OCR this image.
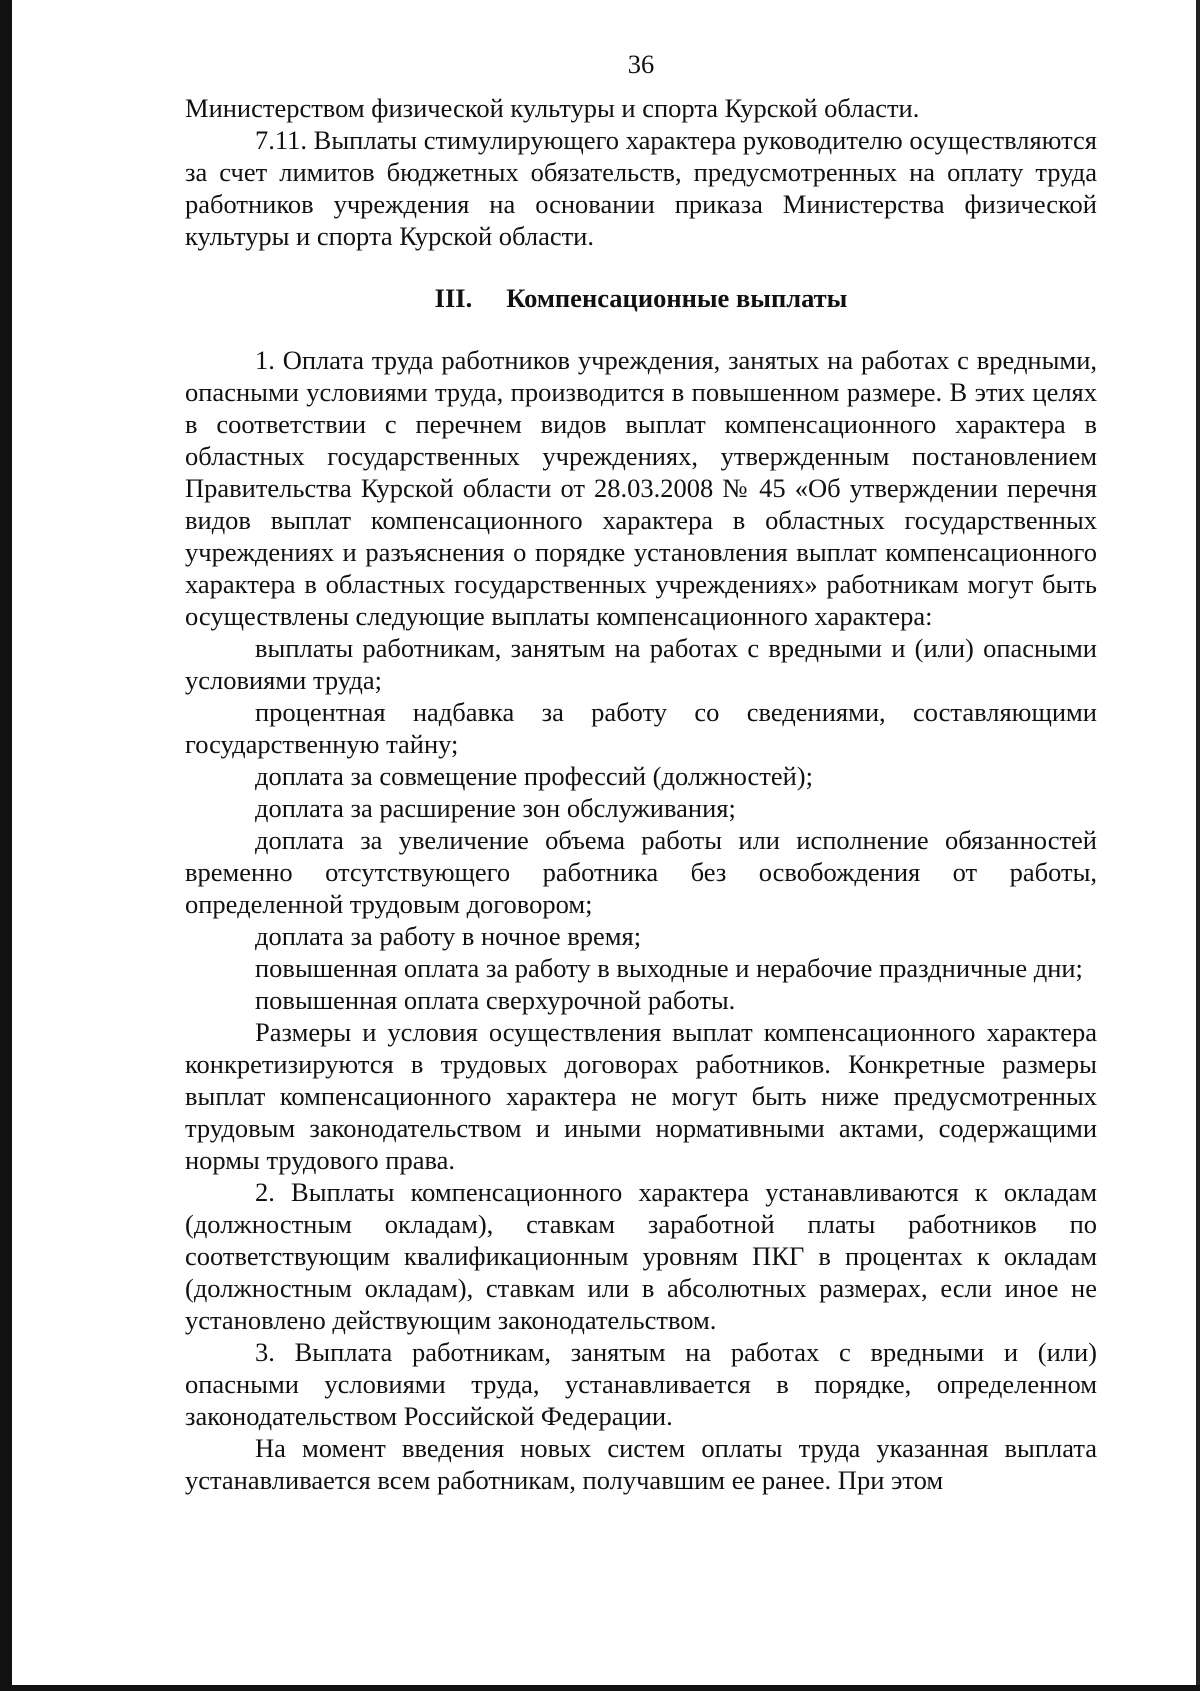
36

Министерством физической культуры и спорта Курской области.

7.11. Выплаты стимулирующего характера руководителю осуществляются за счет лимитов бюджетных обязательств, предусмотренных на оплату труда работников учреждения на основании приказа Министерства физической культуры и спорта Курской области.

III. Компенсационные выплаты

1. Оплата труда работников учреждения, занятых на работах с вредными, опасными условиями труда, производится в повышенном размере. В этих целях в соответствии с перечнем видов выплат компенсационного характера в областных государственных учреждениях, утвержденным постановлением Правительства Курской области от 28.03.2008 № 45 «Об утверждении перечня видов выплат компенсационного характера в областных государственных учреждениях и разъяснения о порядке установления выплат компенсационного характера в областных государственных учреждениях» работникам могут быть осуществлены следующие выплаты компенсационного характера:

выплаты работникам, занятым на работах с вредными и (или) опасными условиями труда;

процентная надбавка за работу со сведениями, составляющими государственную тайну;

доплата за совмещение профессий (должностей);

доплата за расширение зон обслуживания;

доплата за увеличение объема работы или исполнение обязанностей временно отсутствующего работника без освобождения от работы, определенной трудовым договором;

доплата за работу в ночное время;

повышенная оплата за работу в выходные и нерабочие праздничные дни;

повышенная оплата сверхурочной работы.

Размеры и условия осуществления выплат компенсационного характера конкретизируются в трудовых договорах работников. Конкретные размеры выплат компенсационного характера не могут быть ниже предусмотренных трудовым законодательством и иными нормативными актами, содержащими нормы трудового права.

2. Выплаты компенсационного характера устанавливаются к окладам (должностным окладам), ставкам заработной платы работников по соответствующим квалификационным уровням ПКГ в процентах к окладам (должностным окладам), ставкам или в абсолютных размерах, если иное не установлено действующим законодательством.

3. Выплата работникам, занятым на работах с вредными и (или) опасными условиями труда, устанавливается в порядке, определенном законодательством Российской Федерации.

На момент введения новых систем оплаты труда указанная выплата устанавливается всем работникам, получавшим ее ранее. При этом
